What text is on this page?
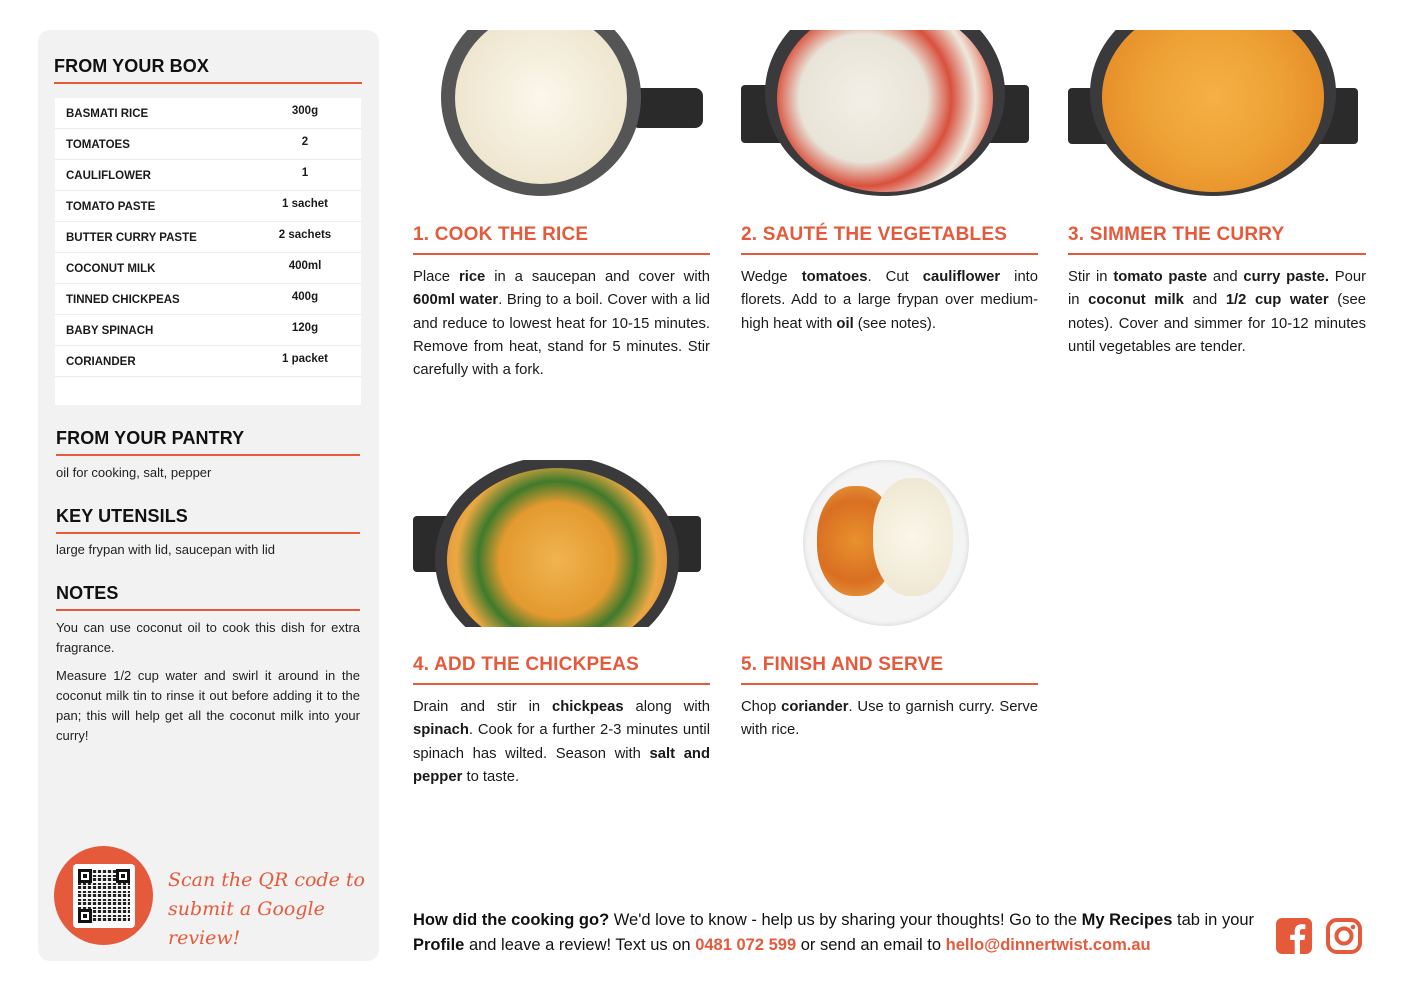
FROM YOUR BOX
BASMATI RICE	300g
TOMATOES	2
CAULIFLOWER	1
TOMATO PASTE	1 sachet
BUTTER CURRY PASTE	2 sachets
COCONUT MILK	400ml
TINNED CHICKPEAS	400g
BABY SPINACH	120g
CORIANDER	1 packet
FROM YOUR PANTRY
oil for cooking, salt, pepper
KEY UTENSILS
large frypan with lid, saucepan with lid
NOTES
You can use coconut oil to cook this dish for extra fragrance.
Measure 1/2 cup water and swirl it around in the coconut milk tin to rinse it out before adding it to the pan; this will help get all the coconut milk into your curry!
Scan the QR code to
submit a Google review!
1. COOK THE RICE
Place rice in a saucepan and cover with 600ml water. Bring to a boil. Cover with a lid and reduce to lowest heat for 10-15 minutes. Remove from heat, stand for 5 minutes. Stir carefully with a fork.
2. SAUTÉ THE VEGETABLES
Wedge tomatoes. Cut cauliflower into florets. Add to a large frypan over medium-high heat with oil (see notes).
3. SIMMER THE CURRY
Stir in tomato paste and curry paste. Pour in coconut milk and 1/2 cup water (see notes). Cover and simmer for 10-12 minutes until vegetables are tender.
4. ADD THE CHICKPEAS
Drain and stir in chickpeas along with spinach. Cook for a further 2-3 minutes until spinach has wilted. Season with salt and pepper to taste.
5. FINISH AND SERVE
Chop coriander. Use to garnish curry. Serve with rice.
How did the cooking go? We'd love to know - help us by sharing your thoughts! Go to the My Recipes tab in your Profile and leave a review! Text us on 0481 072 599 or send an email to hello@dinnertwist.com.au
